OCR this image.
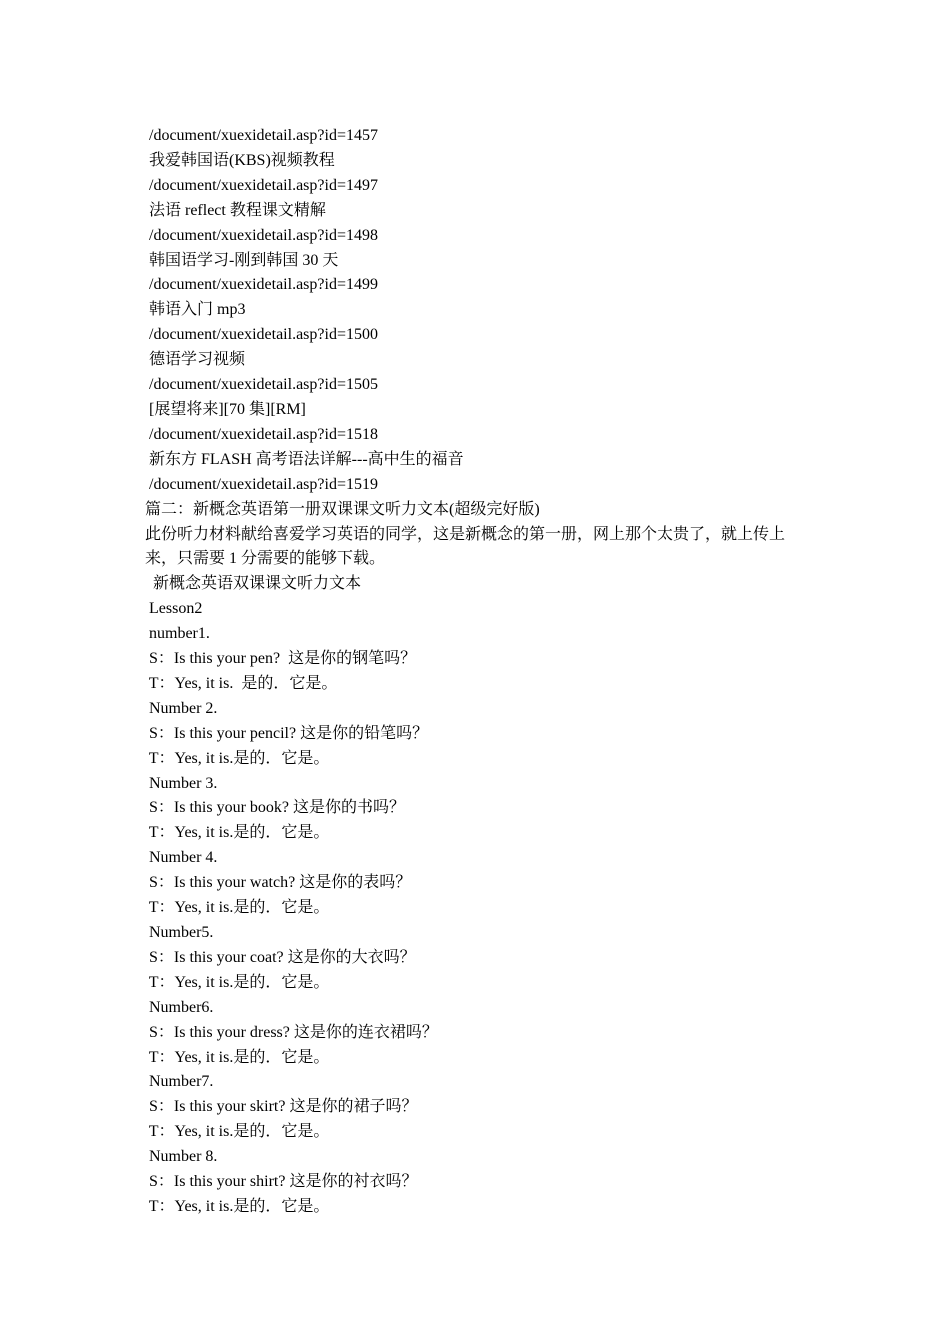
/document/xuexidetail.asp?id=1457

我爱韩国语(KBS)视频教程

/document/xuexidetail.asp?id=1497

法语 reflect 教程课文精解

/document/xuexidetail.asp?id=1498

韩国语学习-刚到韩国 30 天

/document/xuexidetail.asp?id=1499

韩语入门 mp3

/document/xuexidetail.asp?id=1500

德语学习视频

/document/xuexidetail.asp?id=1505

[展望将来][70 集][RM]

/document/xuexidetail.asp?id=1518

新东方 FLASH 高考语法详解---高中生的福音

/document/xuexidetail.asp?id=1519

篇二：新概念英语第一册双课课文听力文本(超级完好版)

此份听力材料献给喜爱学习英语的同学，这是新概念的第一册，网上那个太贵了，就上传上来，只需要 1 分需要的能够下载。

新概念英语双课课文听力文本

Lesson2

number1.

S：Is this your pen?  这是你的钢笔吗？

T：Yes, it is.  是的．它是。

Number 2.

S：Is this your pencil? 这是你的铅笔吗？

T：Yes, it is.是的．它是。

Number 3.

S：Is this your book? 这是你的书吗？

T：Yes, it is.是的．它是。

Number 4.

S：Is this your watch? 这是你的表吗？

T：Yes, it is.是的．它是。

Number5.

S：Is this your coat? 这是你的大衣吗？

T：Yes, it is.是的．它是。

Number6.

S：Is this your dress? 这是你的连衣裙吗？

T：Yes, it is.是的．它是。

Number7.

S：Is this your skirt? 这是你的裙子吗？

T：Yes, it is.是的．它是。

Number 8.

S：Is this your shirt? 这是你的衬衣吗？

T：Yes, it is.是的．它是。
